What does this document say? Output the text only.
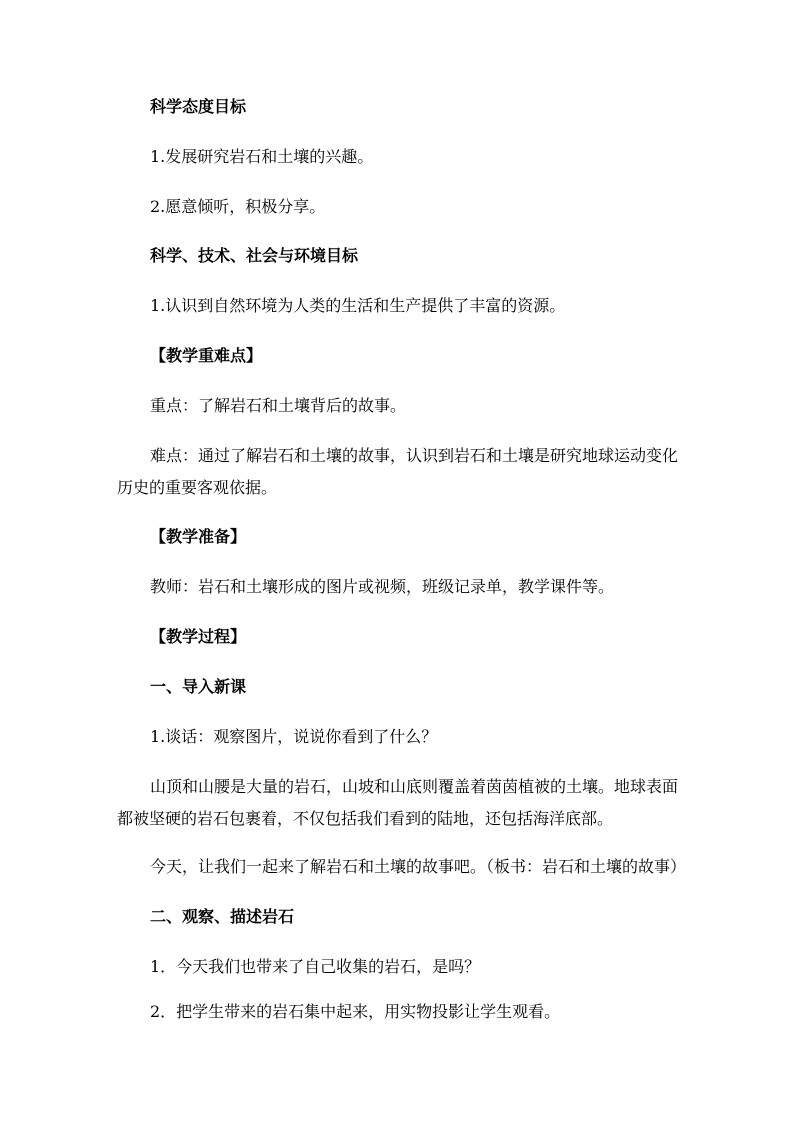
科学态度目标
1.发展研究岩石和土壤的兴趣。
2.愿意倾听，积极分享。
科学、技术、社会与环境目标
1.认识到自然环境为人类的生活和生产提供了丰富的资源。
【教学重难点】
重点：了解岩石和土壤背后的故事。
难点：通过了解岩石和土壤的故事，认识到岩石和土壤是研究地球运动变化历史的重要客观依据。
【教学准备】
教师：岩石和土壤形成的图片或视频，班级记录单，教学课件等。
【教学过程】
一、导入新课
1.谈话：观察图片，说说你看到了什么？
山顶和山腰是大量的岩石，山坡和山底则覆盖着茵茵植被的土壤。地球表面都被坚硬的岩石包裹着，不仅包括我们看到的陆地，还包括海洋底部。
今天，让我们一起来了解岩石和土壤的故事吧。（板书：岩石和土壤的故事）
二、观察、描述岩石
1．今天我们也带来了自己收集的岩石，是吗？
2．把学生带来的岩石集中起来，用实物投影让学生观看。
